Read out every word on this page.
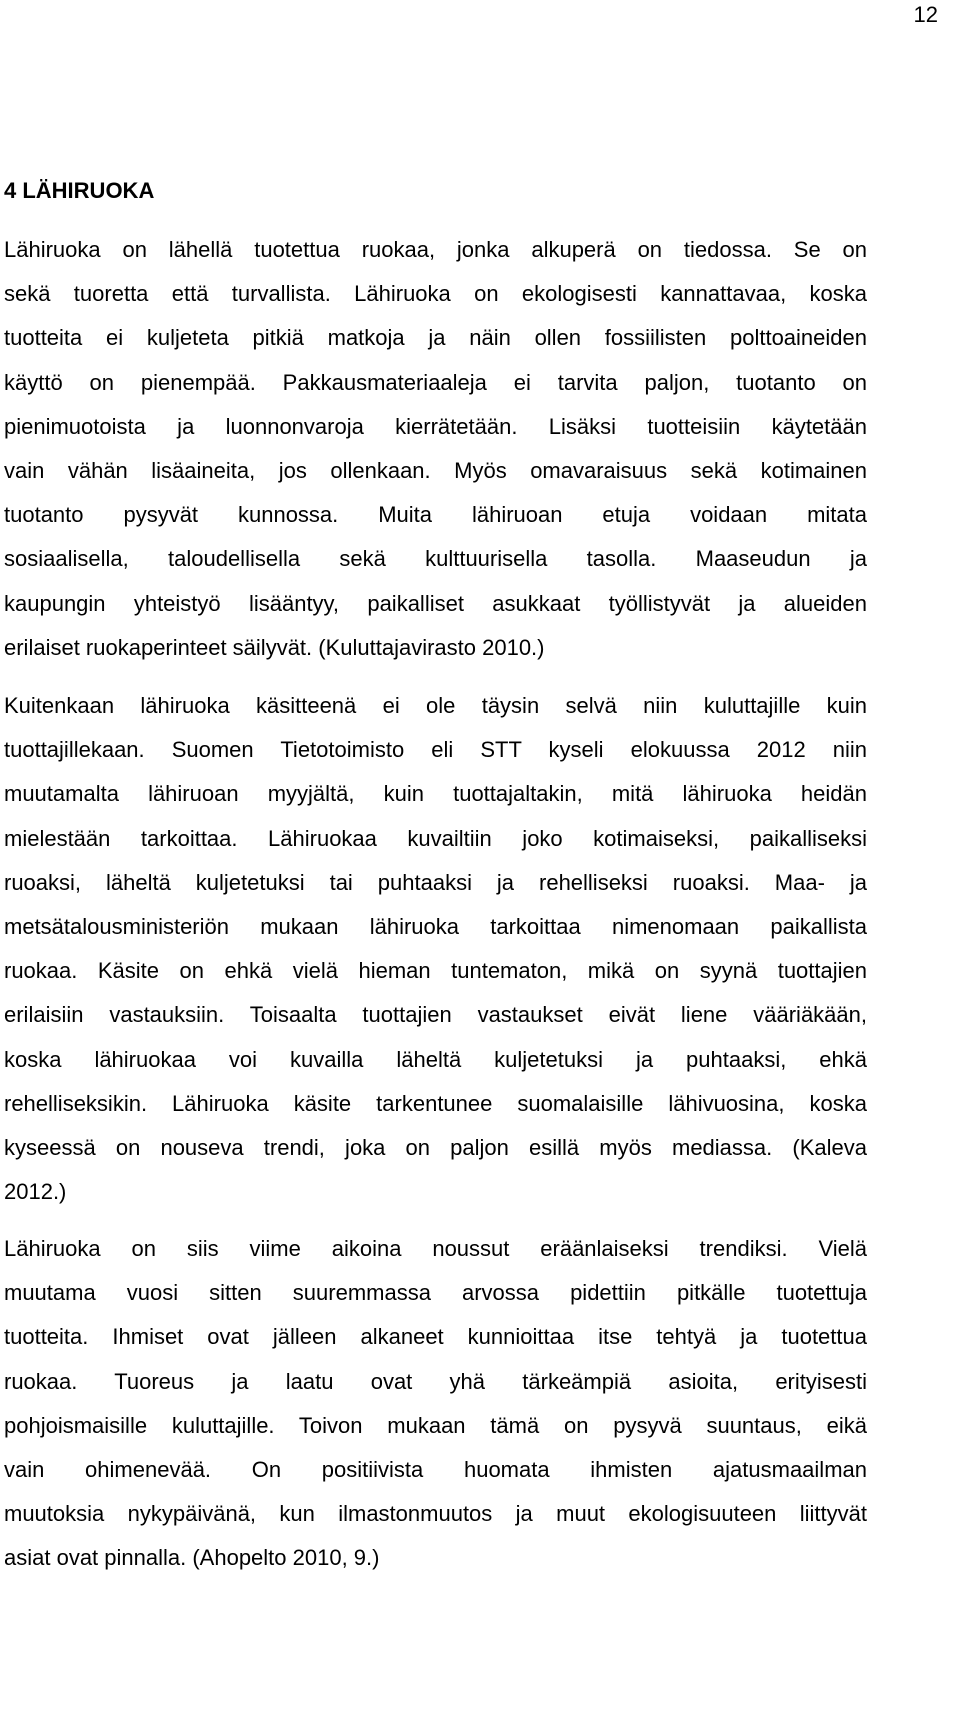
12
4 LÄHIRUOKA

Lähiruoka on lähellä tuotettua ruokaa, jonka alkuperä on tiedossa. Se on
sekä tuoretta että turvallista. Lähiruoka on ekologisesti kannattavaa, koska
tuotteita ei kuljeteta pitkiä matkoja ja näin ollen fossiilisten polttoaineiden
käyttö on pienempää. Pakkausmateriaaleja ei tarvita paljon, tuotanto on
pienimuotoista ja luonnonvaroja kierrätetään. Lisäksi tuotteisiin käytetään
vain vähän lisäaineita, jos ollenkaan. Myös omavaraisuus sekä kotimainen
tuotanto pysyvät kunnossa. Muita lähiruoan etuja voidaan mitata
sosiaalisella, taloudellisella sekä kulttuurisella tasolla. Maaseudun ja
kaupungin yhteistyö lisääntyy, paikalliset asukkaat työllistyvät ja alueiden
erilaiset ruokaperinteet säilyvät. (Kuluttajavirasto 2010.)

Kuitenkaan lähiruoka käsitteenä ei ole täysin selvä niin kuluttajille kuin
tuottajillekaan. Suomen Tietotoimisto eli STT kyseli elokuussa 2012 niin
muutamalta lähiruoan myyjältä, kuin tuottajaltakin, mitä lähiruoka heidän
mielestään tarkoittaa. Lähiruokaa kuvailtiin joko kotimaiseksi, paikalliseksi
ruoaksi, läheltä kuljetetuksi tai puhtaaksi ja rehelliseksi ruoaksi. Maa- ja
metsätalousministeriön mukaan lähiruoka tarkoittaa nimenomaan paikallista
ruokaa. Käsite on ehkä vielä hieman tuntematon, mikä on syynä tuottajien
erilaisiin vastauksiin. Toisaalta tuottajien vastaukset eivät liene vääriäkään,
koska lähiruokaa voi kuvailla läheltä kuljetetuksi ja puhtaaksi, ehkä
rehelliseksikin. Lähiruoka käsite tarkentunee suomalaisille lähivuosina, koska
kyseessä on nouseva trendi, joka on paljon esillä myös mediassa. (Kaleva
2012.)

Lähiruoka on siis viime aikoina noussut eräänlaiseksi trendiksi. Vielä
muutama vuosi sitten suuremmassa arvossa pidettiin pitkälle tuotettuja
tuotteita. Ihmiset ovat jälleen alkaneet kunnioittaa itse tehtyä ja tuotettua
ruokaa. Tuoreus ja laatu ovat yhä tärkeämpiä asioita, erityisesti
pohjoismaisille kuluttajille. Toivon mukaan tämä on pysyvä suuntaus, eikä
vain ohimenevää. On positiivista huomata ihmisten ajatusmaailman
muutoksia nykypäivänä, kun ilmastonmuutos ja muut ekologisuuteen liittyvät
asiat ovat pinnalla. (Ahopelto 2010, 9.)
